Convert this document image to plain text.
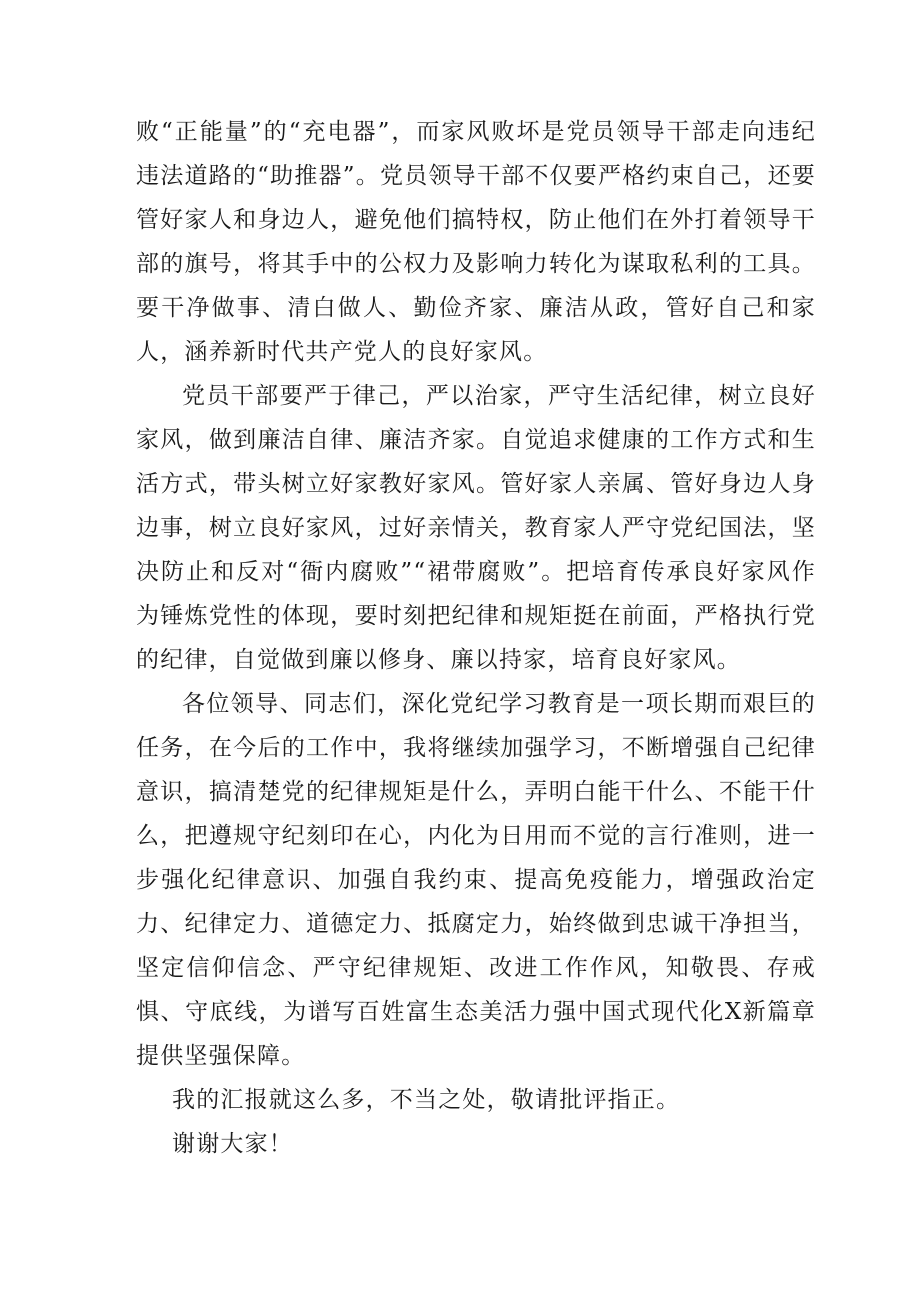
败“正能量”的“充电器”，而家风败坏是党员领导干部走向违纪违法道路的“助推器”。党员领导干部不仅要严格约束自己，还要管好家人和身边人，避免他们搞特权，防止他们在外打着领导干部的旗号，将其手中的公权力及影响力转化为谋取私利的工具。要干净做事、清白做人、勤俭齐家、廉洁从政，管好自己和家人，涵养新时代共产党人的良好家风。

党员干部要严于律己，严以治家，严守生活纪律，树立良好家风，做到廉洁自律、廉洁齐家。自觉追求健康的工作方式和生活方式，带头树立好家教好家风。管好家人亲属、管好身边人身边事，树立良好家风，过好亲情关，教育家人严守党纪国法，坚决防止和反对“衙内腐败”“裙带腐败”。把培育传承良好家风作为锤炼党性的体现，要时刻把纪律和规矩挺在前面，严格执行党的纪律，自觉做到廉以修身、廉以持家，培育良好家风。

各位领导、同志们，深化党纪学习教育是一项长期而艰巨的任务，在今后的工作中，我将继续加强学习，不断增强自己纪律意识，搞清楚党的纪律规矩是什么，弄明白能干什么、不能干什么，把遵规守纪刻印在心，内化为日用而不觉的言行准则，进一步强化纪律意识、加强自我约束、提高免疫能力，增强政治定力、纪律定力、道德定力、抵腐定力，始终做到忠诚干净担当，坚定信仰信念、严守纪律规矩、改进工作作风，知敬畏、存戒惧、守底线，为谱写百姓富生态美活力强中国式现代化X新篇章提供坚强保障。

我的汇报就这么多，不当之处，敬请批评指正。

谢谢大家！
